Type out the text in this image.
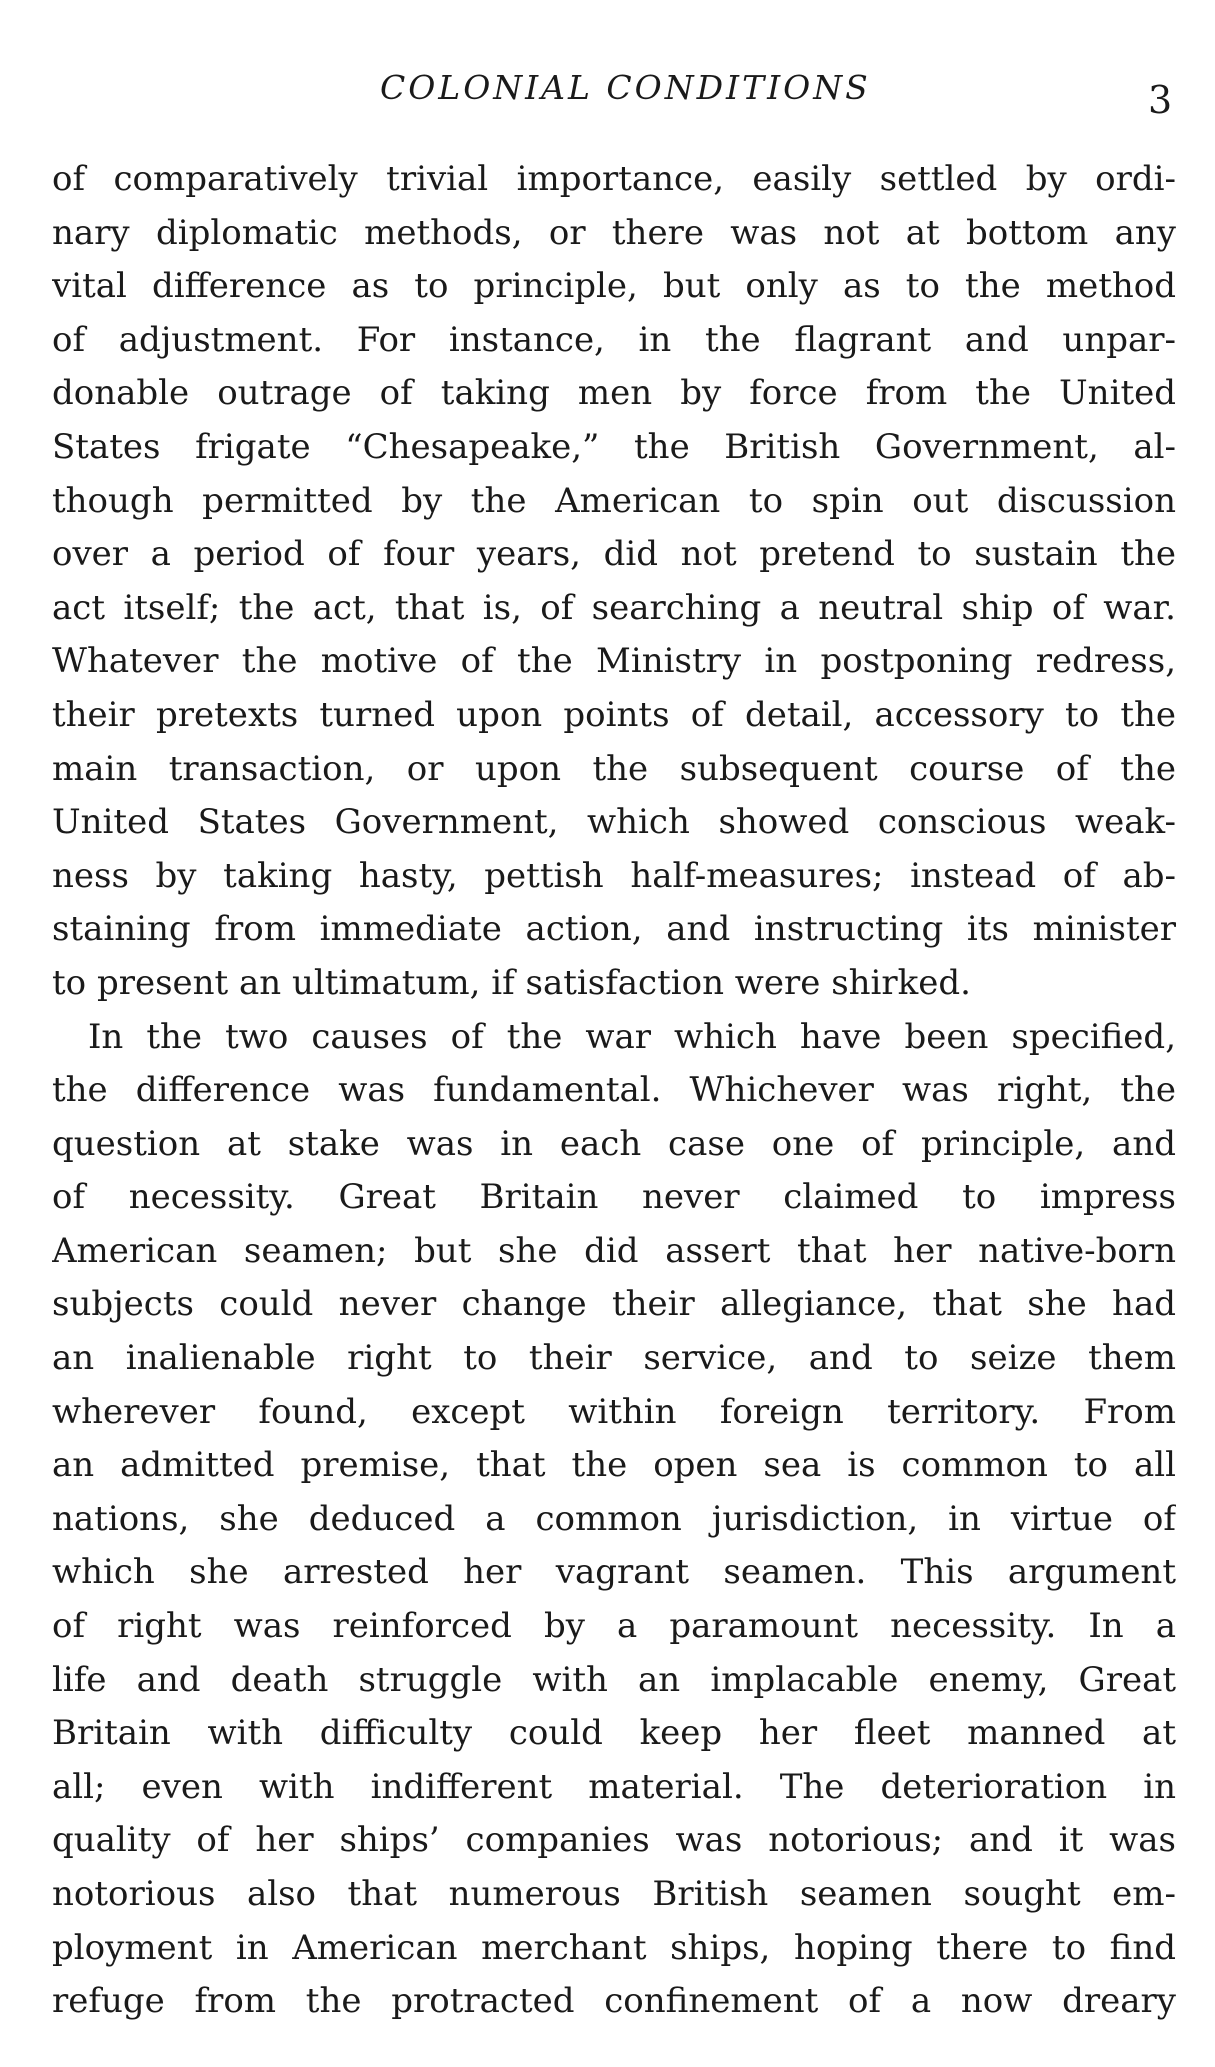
COLONIAL CONDITIONS	3
of comparatively trivial importance, easily settled by ordi-
nary diplomatic methods, or there was not at bottom any
vital difference as to principle, but only as to the method
of adjustment. For instance, in the flagrant and unpar-
donable outrage of taking men by force from the United
States frigate “Chesapeake,” the British Government, al-
though permitted by the American to spin out discussion
over a period of four years, did not pretend to sustain the
act itself; the act, that is, of searching a neutral ship of war.
Whatever the motive of the Ministry in postponing redress,
their pretexts turned upon points of detail, accessory to the
main transaction, or upon the subsequent course of the
United States Government, which showed conscious weak-
ness by taking hasty, pettish half-measures; instead of ab-
staining from immediate action, and instructing its minister
to present an ultimatum, if satisfaction were shirked.
In the two causes of the war which have been specified,
the difference was fundamental. Whichever was right, the
question at stake was in each case one of principle, and
of necessity. Great Britain never claimed to impress
American seamen; but she did assert that her native-born
subjects could never change their allegiance, that she had
an inalienable right to their service, and to seize them
wherever found, except within foreign territory. From
an admitted premise, that the open sea is common to all
nations, she deduced a common jurisdiction, in virtue of
which she arrested her vagrant seamen. This argument
of right was reinforced by a paramount necessity. In a
life and death struggle with an implacable enemy, Great
Britain with difficulty could keep her fleet manned at
all; even with indifferent material. The deterioration in
quality of her ships’ companies was notorious; and it was
notorious also that numerous British seamen sought em-
ployment in American merchant ships, hoping there to find
refuge from the protracted confinement of a now dreary
